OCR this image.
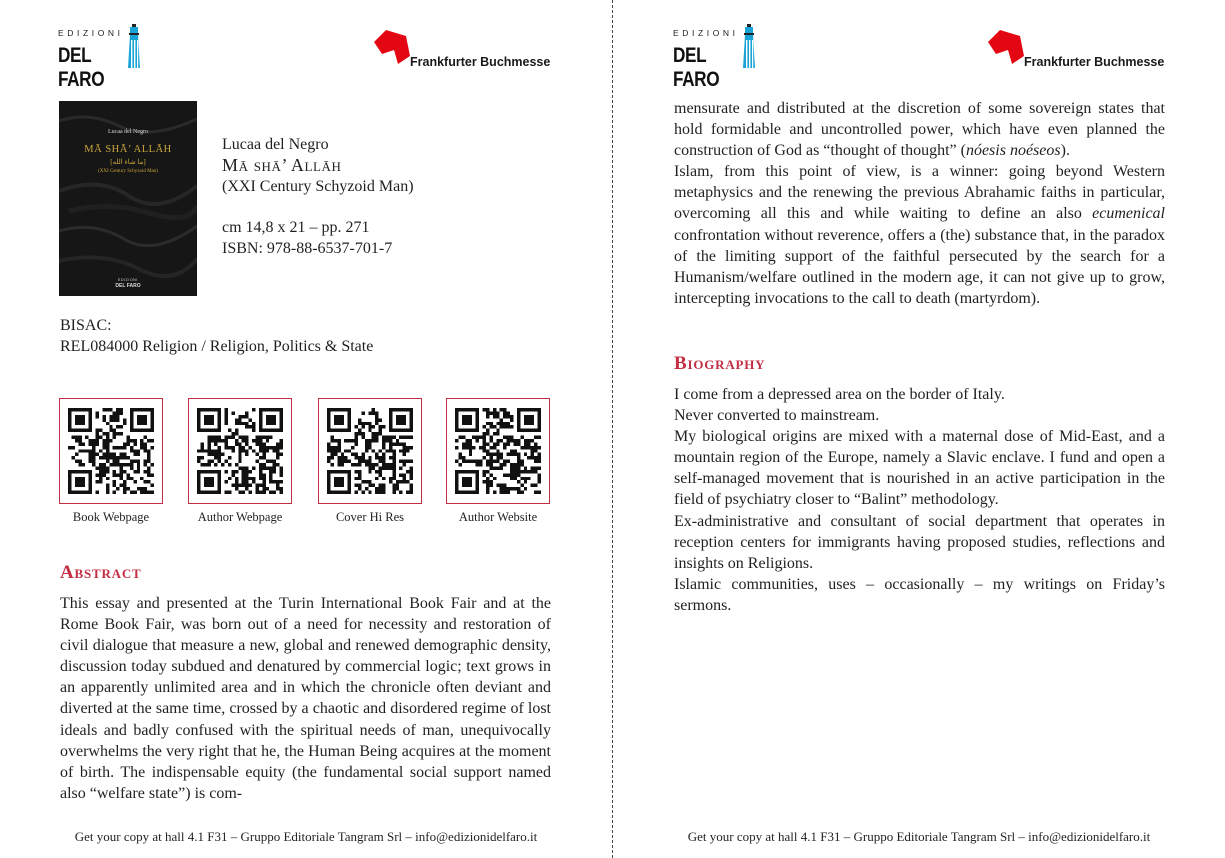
EDIZIONI
DEL FARO
Frankfurter Buchmesse
Lucaa del Negro
MĀ SHĀ’ ALLĀH
[ما شاء الله]
(XXI Century Schyzoid Man)
EDIZIONI
DEL FARO
Lucaa del Negro
Mā shā’ Allāh
(XXI Century Schyzoid Man)
cm 14,8 x 21 – pp. 271
ISBN: 978-88-6537-701-7
BISAC:
REL084000 Religion / Religion, Politics & State
Book Webpage	Author Webpage	Cover Hi Res	Author Website
Abstract

This essay and presented at the Turin International Book Fair and at the Rome Book Fair, was born out of a need for necessity and restoration of civil dialogue that measure a new, global and renewed demographic density, discussion today subdued and denatured by commercial logic; text grows in an apparently unlimited area and in which the chronicle often deviant and diverted at the same time, crossed by a chaotic and disordered regime of lost ideals and badly confused with the spiritual needs of man, unequivocally overwhelms the very right that he, the Human Being acquires at the moment of birth. The indispensable equity (the fundamental social support named also “welfare state”) is com-

Get your copy at hall 4.1 F31 – Gruppo Editoriale Tangram Srl – info@edizionidelfaro.it
EDIZIONI
DEL FARO
Frankfurter Buchmesse

mensurate and distributed at the discretion of some sovereign states that hold formidable and uncontrolled power, which have even planned the construction of God as “thought of thought” (nóesis noéseos).

Islam, from this point of view, is a winner: going beyond Western metaphysics and the renewing the previous Abrahamic faiths in particular, overcoming all this and while waiting to define an also ecumenical confrontation without reverence, offers a (the) substance that, in the paradox of the limiting support of the faithful persecuted by the search for a Humanism/welfare outlined in the modern age, it can not give up to grow, intercepting invocations to the call to death (martyrdom).

Biography

I come from a depressed area on the border of Italy.

Never converted to mainstream.

My biological origins are mixed with a maternal dose of Mid-East, and a mountain region of the Europe, namely a Slavic enclave. I fund and open a self-managed movement that is nourished in an active participation in the field of psychiatry closer to “Balint” methodology.

Ex-administrative and consultant of social department that operates in reception centers for immigrants having proposed studies, reflections and insights on Religions.

Islamic communities, uses – occasionally – my writings on Friday’s sermons.

Get your copy at hall 4.1 F31 – Gruppo Editoriale Tangram Srl – info@edizionidelfaro.it
